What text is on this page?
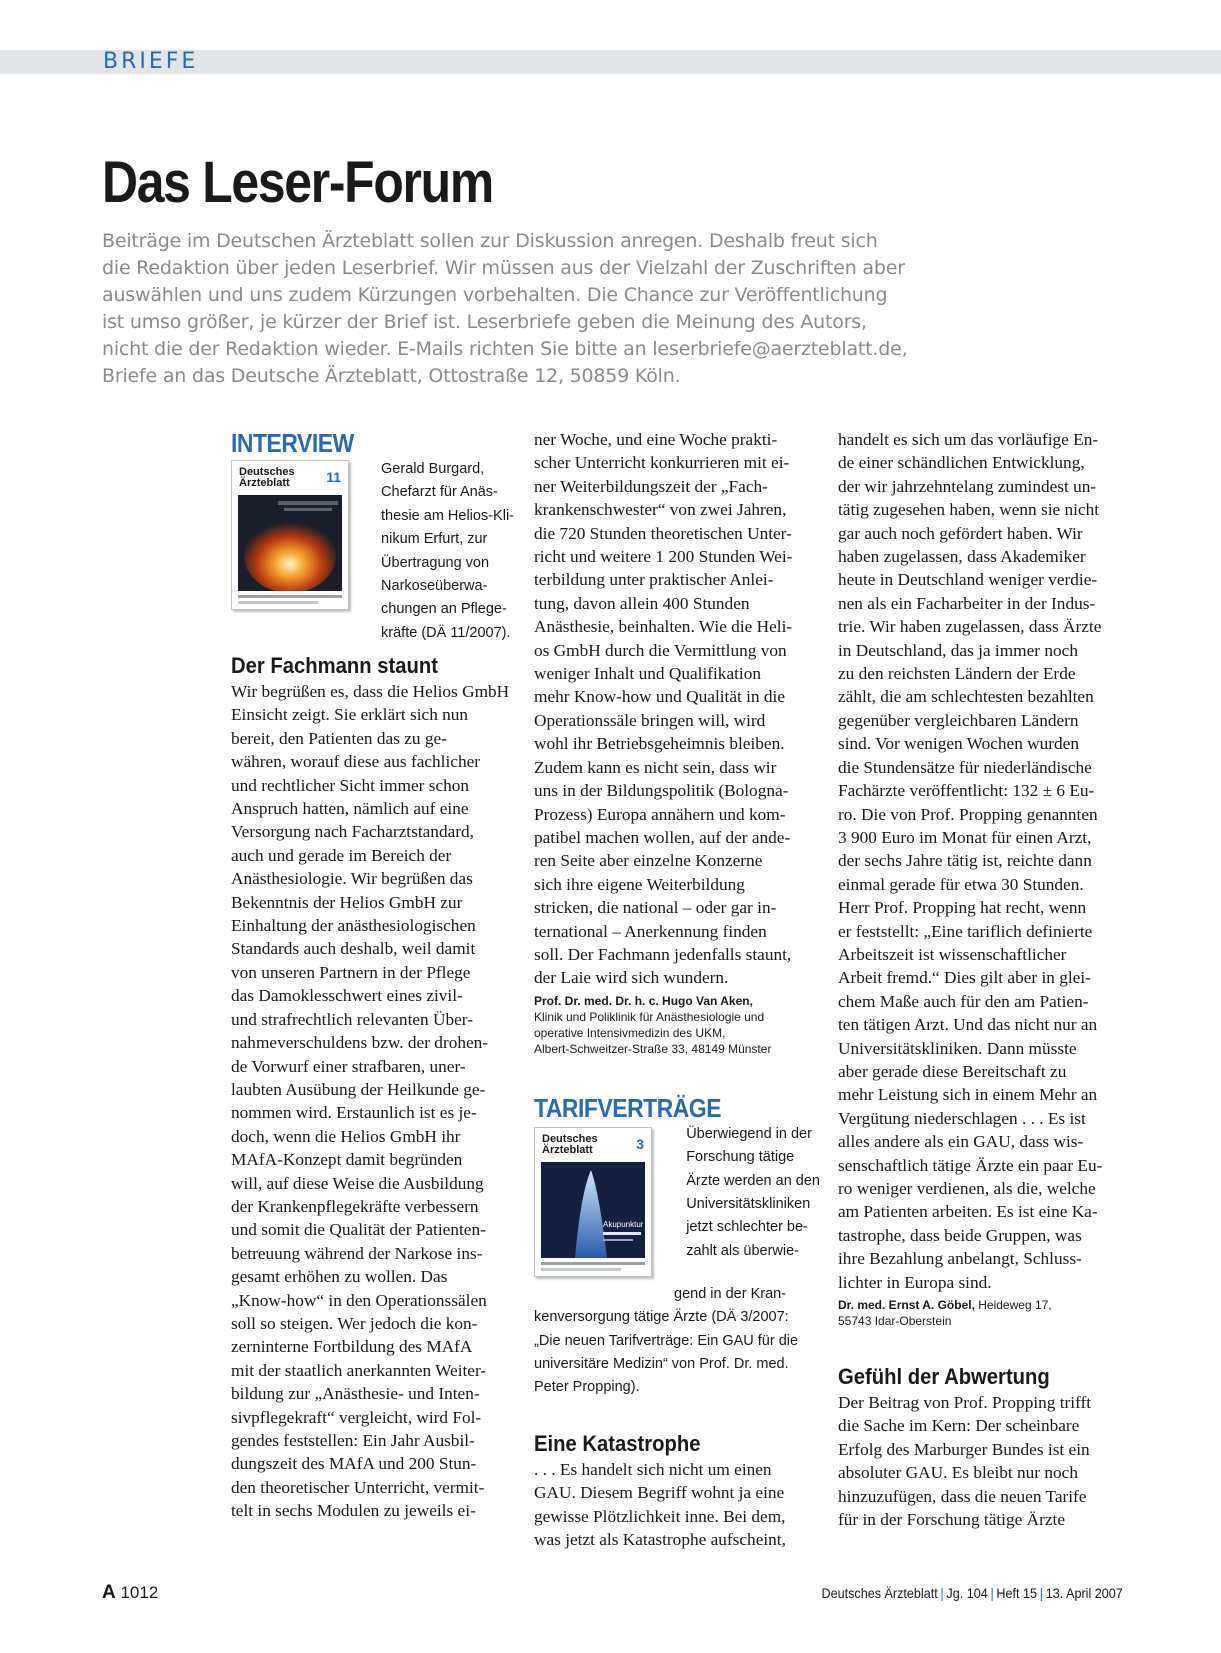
BRIEFE
Das Leser-Forum
Beiträge im Deutschen Ärzteblatt sollen zur Diskussion anregen. Deshalb freut sich
die Redaktion über jeden Leserbrief. Wir müssen aus der Vielzahl der Zuschriften aber
auswählen und uns zudem Kürzungen vorbehalten. Die Chance zur Veröffentlichung
ist umso größer, je kürzer der Brief ist. Leserbriefe geben die Meinung des Autors,
nicht die der Redaktion wieder. E-Mails richten Sie bitte an leserbriefe@aerzteblatt.de,
Briefe an das Deutsche Ärzteblatt, Ottostraße 12, 50859 Köln.
INTERVIEW
Deutsches
Ärzteblatt	11	Gerald Burgard,
Chefarzt für Anäs-
thesie am Helios-Kli-
nikum Erfurt, zur
Übertragung von
Narkoseüberwa-
chungen an Pflege-
kräfte (DÄ 11/2007).
Der Fachmann staunt
Wir begrüßen es, dass die Helios GmbH
Einsicht zeigt. Sie erklärt sich nun
bereit, den Patienten das zu ge-
währen, worauf diese aus fachlicher
und rechtlicher Sicht immer schon
Anspruch hatten, nämlich auf eine
Versorgung nach Facharztstandard,
auch und gerade im Bereich der
Anästhesiologie. Wir begrüßen das
Bekenntnis der Helios GmbH zur
Einhaltung der anästhesiologischen
Standards auch deshalb, weil damit
von unseren Partnern in der Pflege
das Damoklesschwert eines zivil-
und strafrechtlich relevanten Über-
nahmeverschuldens bzw. der drohen-
de Vorwurf einer strafbaren, uner-
laubten Ausübung der Heilkunde ge-
nommen wird. Erstaunlich ist es je-
doch, wenn die Helios GmbH ihr
MAfA-Konzept damit begründen
will, auf diese Weise die Ausbildung
der Krankenpflegekräfte verbessern
und somit die Qualität der Patienten-
betreuung während der Narkose ins-
gesamt erhöhen zu wollen. Das
„Know-how“ in den Operationssälen
soll so steigen. Wer jedoch die kon-
zerninterne Fortbildung des MAfA
mit der staatlich anerkannten Weiter-
bildung zur „Anästhesie- und Inten-
sivpflegekraft“ vergleicht, wird Fol-
gendes feststellen: Ein Jahr Ausbil-
dungszeit des MAfA und 200 Stun-
den theoretischer Unterricht, vermit-
telt in sechs Modulen zu jeweils ei-
ner Woche, und eine Woche prakti-
scher Unterricht konkurrieren mit ei-
ner Weiterbildungszeit der „Fach-
krankenschwester“ von zwei Jahren,
die 720 Stunden theoretischen Unter-
richt und weitere 1 200 Stunden Wei-
terbildung unter praktischer Anlei-
tung, davon allein 400 Stunden
Anästhesie, beinhalten. Wie die Heli-
os GmbH durch die Vermittlung von
weniger Inhalt und Qualifikation
mehr Know-how und Qualität in die
Operationssäle bringen will, wird
wohl ihr Betriebsgeheimnis bleiben.
Zudem kann es nicht sein, dass wir
uns in der Bildungspolitik (Bologna-
Prozess) Europa annähern und kom-
patibel machen wollen, auf der ande-
ren Seite aber einzelne Konzerne
sich ihre eigene Weiterbildung
stricken, die national – oder gar in-
ternational – Anerkennung finden
soll. Der Fachmann jedenfalls staunt,
der Laie wird sich wundern.
Prof. Dr. med. Dr. h. c. Hugo Van Aken,
Klinik und Poliklinik für Anästhesiologie und
operative Intensivmedizin des UKM,
Albert-Schweitzer-Straße 33, 48149 Münster
TARIFVERTRÄGE
Deutsches
Ärzteblatt	3
Akupunktur
Überwiegend in der
Forschung tätige
Ärzte werden an den
Universitätskliniken
jetzt schlechter be-
zahlt als überwie-
gend in der Kran-
kenversorgung tätige Ärzte (DÄ 3/2007:
„Die neuen Tarifverträge: Ein GAU für die
universitäre Medizin“ von Prof. Dr. med.
Peter Propping).
Eine Katastrophe
. . . Es handelt sich nicht um einen
GAU. Diesem Begriff wohnt ja eine
gewisse Plötzlichkeit inne. Bei dem,
was jetzt als Katastrophe aufscheint,
handelt es sich um das vorläufige En-
de einer schändlichen Entwicklung,
der wir jahrzehntelang zumindest un-
tätig zugesehen haben, wenn sie nicht
gar auch noch gefördert haben. Wir
haben zugelassen, dass Akademiker
heute in Deutschland weniger verdie-
nen als ein Facharbeiter in der Indus-
trie. Wir haben zugelassen, dass Ärzte
in Deutschland, das ja immer noch
zu den reichsten Ländern der Erde
zählt, die am schlechtesten bezahlten
gegenüber vergleichbaren Ländern
sind. Vor wenigen Wochen wurden
die Stundensätze für niederländische
Fachärzte veröffentlicht: 132 ± 6 Eu-
ro. Die von Prof. Propping genannten
3 900 Euro im Monat für einen Arzt,
der sechs Jahre tätig ist, reichte dann
einmal gerade für etwa 30 Stunden.
Herr Prof. Propping hat recht, wenn
er feststellt: „Eine tariflich definierte
Arbeitszeit ist wissenschaftlicher
Arbeit fremd.“ Dies gilt aber in glei-
chem Maße auch für den am Patien-
ten tätigen Arzt. Und das nicht nur an
Universitätskliniken. Dann müsste
aber gerade diese Bereitschaft zu
mehr Leistung sich in einem Mehr an
Vergütung niederschlagen . . . Es ist
alles andere als ein GAU, dass wis-
senschaftlich tätige Ärzte ein paar Eu-
ro weniger verdienen, als die, welche
am Patienten arbeiten. Es ist eine Ka-
tastrophe, dass beide Gruppen, was
ihre Bezahlung anbelangt, Schluss-
lichter in Europa sind.
Dr. med. Ernst A. Göbel, Heideweg 17,
55743 Idar-Oberstein
Gefühl der Abwertung
Der Beitrag von Prof. Propping trifft
die Sache im Kern: Der scheinbare
Erfolg des Marburger Bundes ist ein
absoluter GAU. Es bleibt nur noch
hinzuzufügen, dass die neuen Tarife
für in der Forschung tätige Ärzte
A 1012	Deutsches Ärzteblatt | Jg. 104 | Heft 15 | 13. April 2007
